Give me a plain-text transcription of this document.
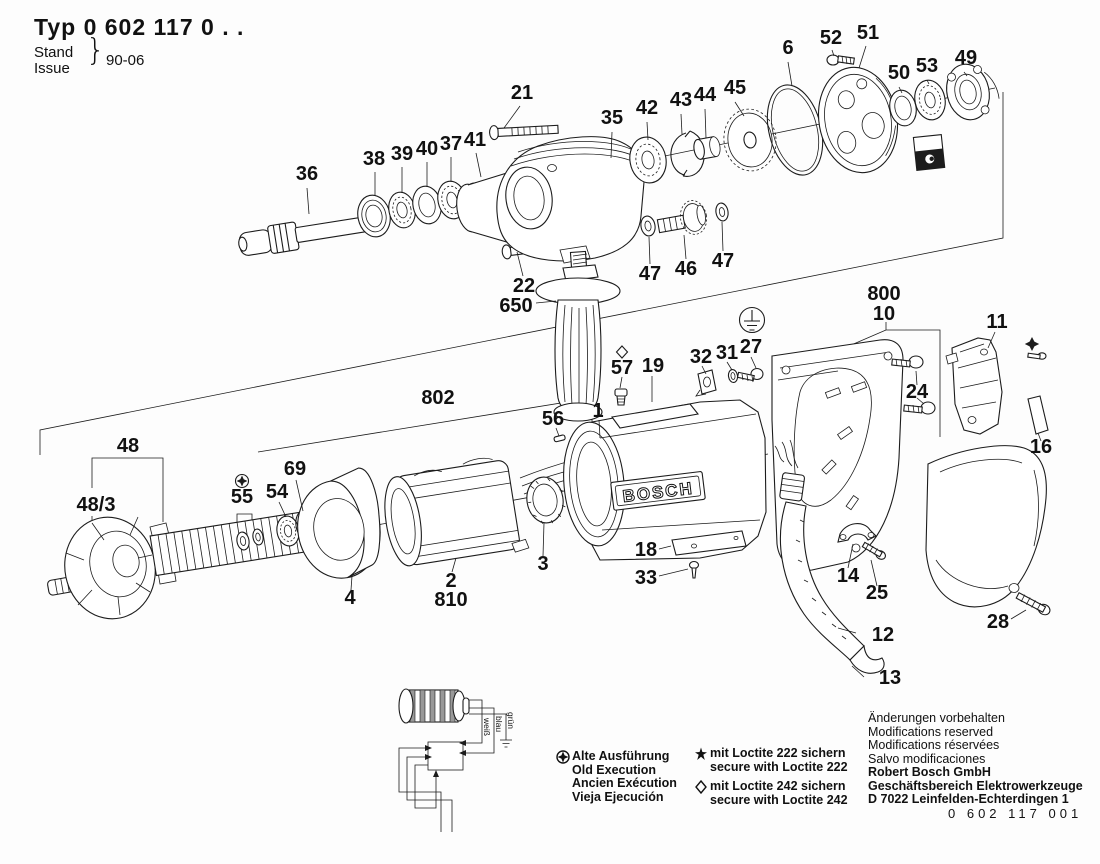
Typ 0 602 117 0 . .
Stand
Issue
} 90-06
BOSCH
21
35 42 43 44 45
6 52 51
50 53 49
36
38 39 40 37 41
22
650
47 46 47
800
10	11
27
31
32
57 19
56 1
802	24
16
48
48/3	55 54
69
4
2
810
3
18
33	14
25
12
13
28
weiß blau grün
Alte Ausführung
Old Execution
Ancien Exécution
Vieja Ejecución
mit Loctite 222 sichern
secure with Loctite 222
mit Loctite 242 sichern
secure with Loctite 242
Änderungen vorbehalten
Modifications reserved
Modifications réservées
Salvo modificaciones
Robert Bosch GmbH
Geschäftsbereich Elektrowerkzeuge
D 7022 Leinfelden-Echterdingen 1
0 602 117 001
